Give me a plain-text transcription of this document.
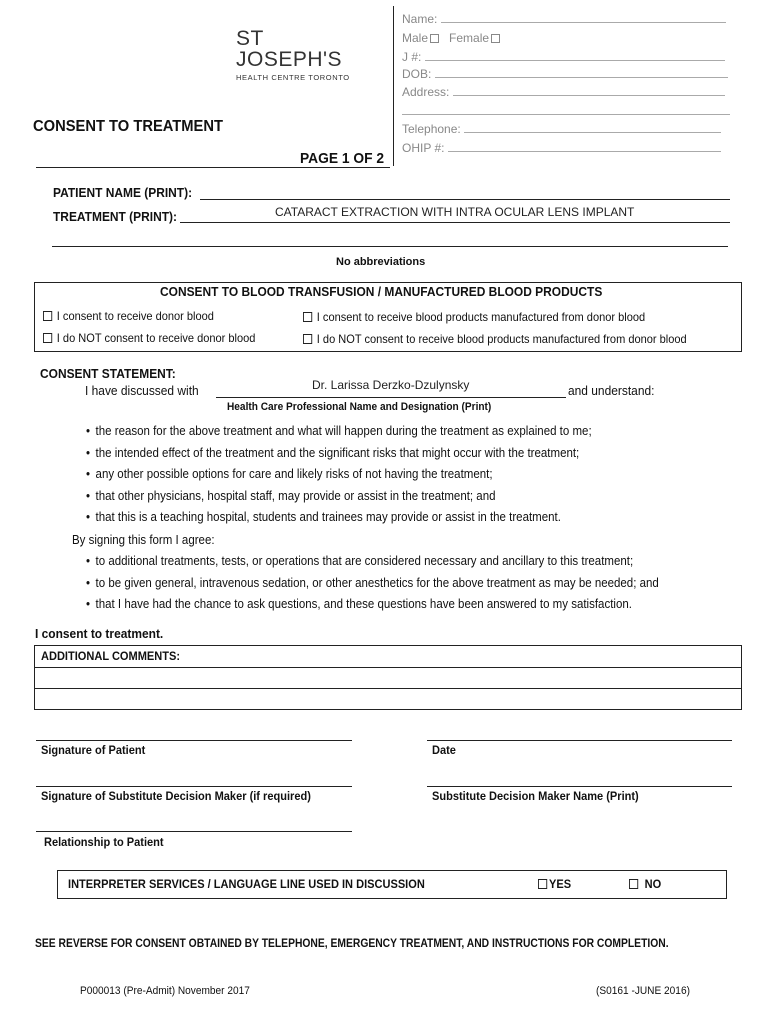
ST
JOSEPH'S
HEALTH CENTRE TORONTO
Name:
Male Female
J #:
DOB:
Address:
Telephone:
OHIP #:
CONSENT TO TREATMENT
PAGE 1 OF 2
PATIENT NAME (PRINT):
TREATMENT (PRINT):	CATARACT EXTRACTION WITH INTRA OCULAR LENS IMPLANT
No abbreviations
CONSENT TO BLOOD TRANSFUSION / MANUFACTURED BLOOD PRODUCTS
I consent to receive donor blood
I do NOT consent to receive donor blood
I consent to receive blood products manufactured from donor blood
I do NOT consent to receive blood products manufactured from donor blood
CONSENT STATEMENT:
I have discussed with	Dr. Larissa Derzko-Dzulynsky	and understand:
Health Care Professional Name and Designation (Print)
• the reason for the above treatment and what will happen during the treatment as explained to me;
• the intended effect of the treatment and the significant risks that might occur with the treatment;
• any other possible options for care and likely risks of not having the treatment;
• that other physicians, hospital staff, may provide or assist in the treatment; and
• that this is a teaching hospital, students and trainees may provide or assist in the treatment.
By signing this form I agree:
• to additional treatments, tests, or operations that are considered necessary and ancillary to this treatment;
• to be given general, intravenous sedation, or other anesthetics for the above treatment as may be needed; and
• that I have had the chance to ask questions, and these questions have been answered to my satisfaction.
I consent to treatment.
ADDITIONAL COMMENTS:
Signature of Patient	Date
Signature of Substitute Decision Maker (if required)	Substitute Decision Maker Name (Print)
Relationship to Patient
INTERPRETER SERVICES / LANGUAGE LINE USED IN DISCUSSION	YES	NO
SEE REVERSE FOR CONSENT OBTAINED BY TELEPHONE, EMERGENCY TREATMENT, AND INSTRUCTIONS FOR COMPLETION.
P000013 (Pre-Admit) November 2017	(S0161 -JUNE 2016)
